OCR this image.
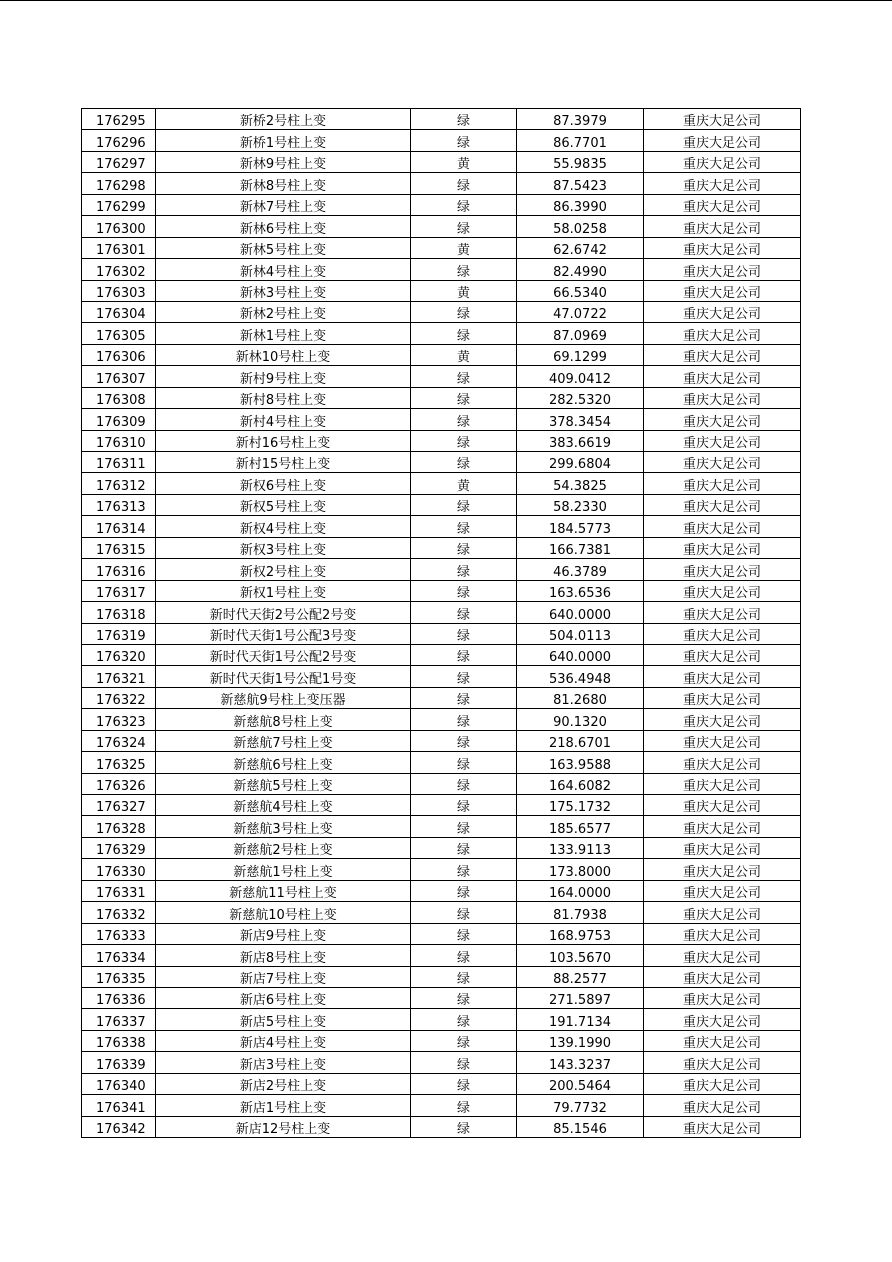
176295	新桥2号柱上变	绿	87.3979	重庆大足公司
176296	新桥1号柱上变	绿	86.7701	重庆大足公司
176297	新林9号柱上变	黄	55.9835	重庆大足公司
176298	新林8号柱上变	绿	87.5423	重庆大足公司
176299	新林7号柱上变	绿	86.3990	重庆大足公司
176300	新林6号柱上变	绿	58.0258	重庆大足公司
176301	新林5号柱上变	黄	62.6742	重庆大足公司
176302	新林4号柱上变	绿	82.4990	重庆大足公司
176303	新林3号柱上变	黄	66.5340	重庆大足公司
176304	新林2号柱上变	绿	47.0722	重庆大足公司
176305	新林1号柱上变	绿	87.0969	重庆大足公司
176306	新林10号柱上变	黄	69.1299	重庆大足公司
176307	新村9号柱上变	绿	409.0412	重庆大足公司
176308	新村8号柱上变	绿	282.5320	重庆大足公司
176309	新村4号柱上变	绿	378.3454	重庆大足公司
176310	新村16号柱上变	绿	383.6619	重庆大足公司
176311	新村15号柱上变	绿	299.6804	重庆大足公司
176312	新权6号柱上变	黄	54.3825	重庆大足公司
176313	新权5号柱上变	绿	58.2330	重庆大足公司
176314	新权4号柱上变	绿	184.5773	重庆大足公司
176315	新权3号柱上变	绿	166.7381	重庆大足公司
176316	新权2号柱上变	绿	46.3789	重庆大足公司
176317	新权1号柱上变	绿	163.6536	重庆大足公司
176318	新时代天街2号公配2号变	绿	640.0000	重庆大足公司
176319	新时代天街1号公配3号变	绿	504.0113	重庆大足公司
176320	新时代天街1号公配2号变	绿	640.0000	重庆大足公司
176321	新时代天街1号公配1号变	绿	536.4948	重庆大足公司
176322	新慈航9号柱上变压器	绿	81.2680	重庆大足公司
176323	新慈航8号柱上变	绿	90.1320	重庆大足公司
176324	新慈航7号柱上变	绿	218.6701	重庆大足公司
176325	新慈航6号柱上变	绿	163.9588	重庆大足公司
176326	新慈航5号柱上变	绿	164.6082	重庆大足公司
176327	新慈航4号柱上变	绿	175.1732	重庆大足公司
176328	新慈航3号柱上变	绿	185.6577	重庆大足公司
176329	新慈航2号柱上变	绿	133.9113	重庆大足公司
176330	新慈航1号柱上变	绿	173.8000	重庆大足公司
176331	新慈航11号柱上变	绿	164.0000	重庆大足公司
176332	新慈航10号柱上变	绿	81.7938	重庆大足公司
176333	新店9号柱上变	绿	168.9753	重庆大足公司
176334	新店8号柱上变	绿	103.5670	重庆大足公司
176335	新店7号柱上变	绿	88.2577	重庆大足公司
176336	新店6号柱上变	绿	271.5897	重庆大足公司
176337	新店5号柱上变	绿	191.7134	重庆大足公司
176338	新店4号柱上变	绿	139.1990	重庆大足公司
176339	新店3号柱上变	绿	143.3237	重庆大足公司
176340	新店2号柱上变	绿	200.5464	重庆大足公司
176341	新店1号柱上变	绿	79.7732	重庆大足公司
176342	新店12号柱上变	绿	85.1546	重庆大足公司
